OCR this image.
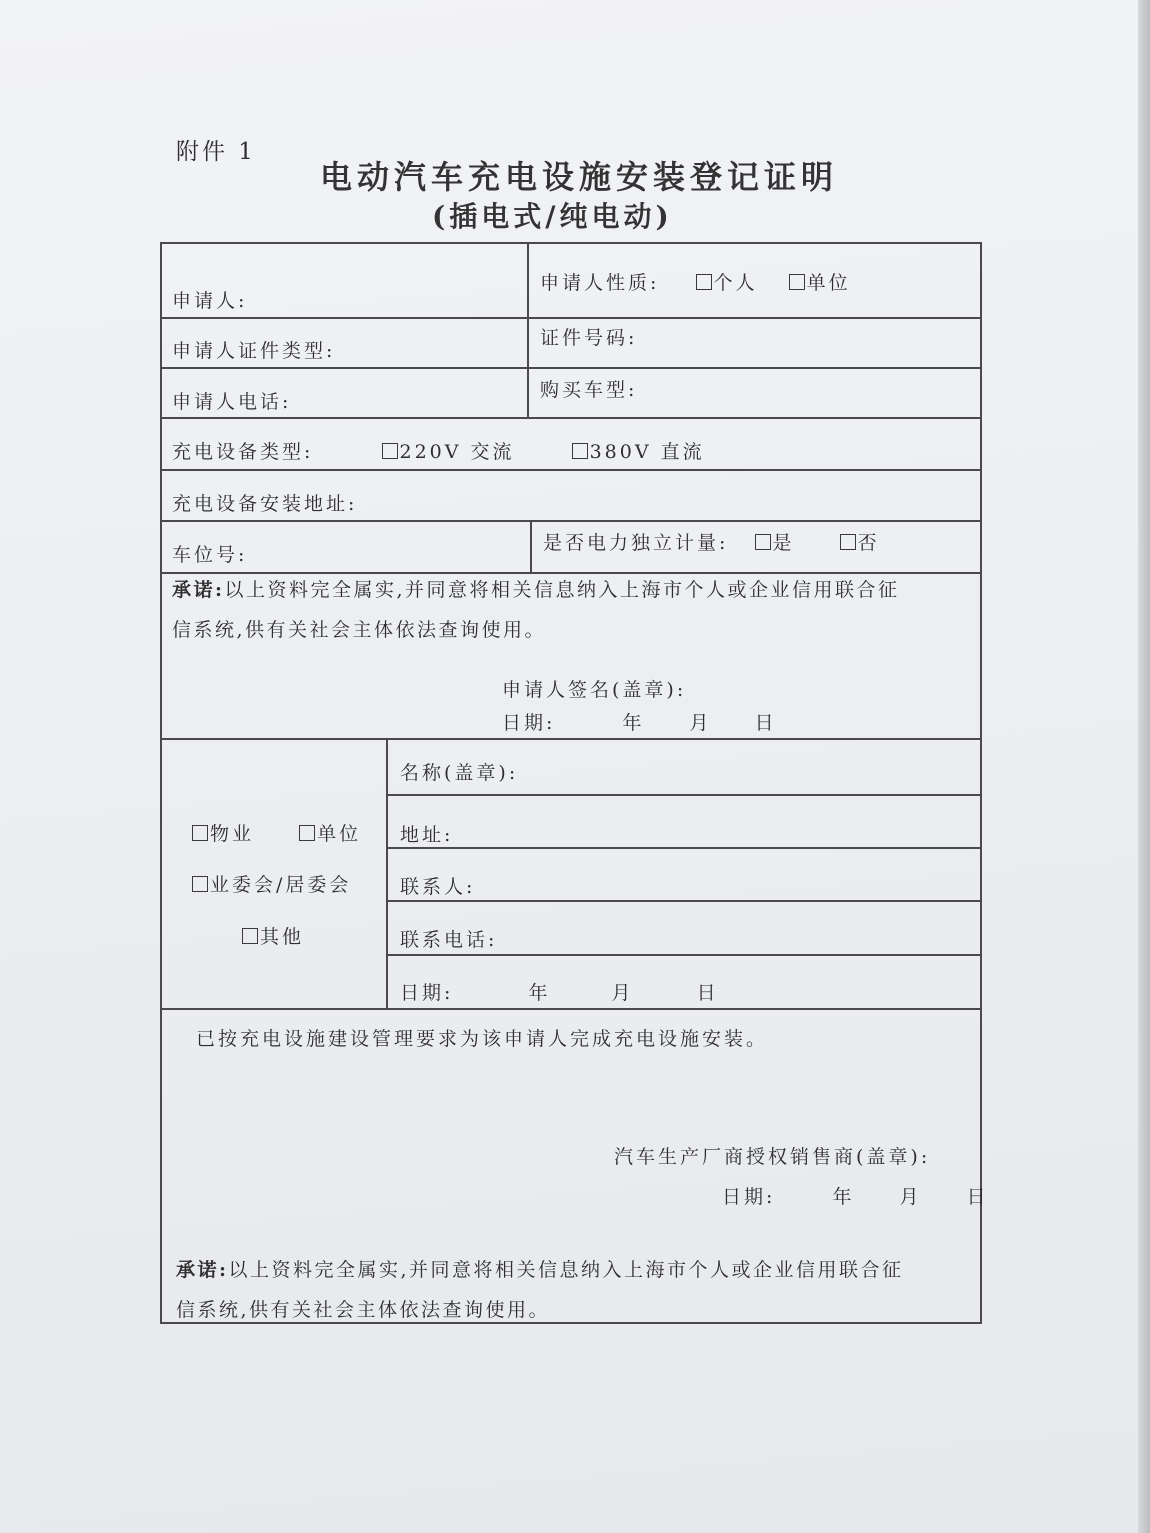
附件 1
电动汽车充电设施安装登记证明
(插电式/纯电动)
申请人:
申请人性质:	个人	单位
申请人证件类型:
证件号码:
申请人电话:
购买车型:
充电设备类型:	220V 交流	380V 直流
充电设备安装地址:
车位号:
是否电力独立计量: 是	否
承诺:以上资料完全属实,并同意将相关信息纳入上海市个人或企业信用联合征
信系统,供有关社会主体依法查询使用。
申请人签名(盖章):
日期:	年 月 日
物业	单位
业委会/居委会
其他
名称(盖章):
地址:
联系人:
联系电话:
日期:	年	月	日
已按充电设施建设管理要求为该申请人完成充电设施安装。
汽车生产厂商授权销售商(盖章):
日期:	年 月 日
承诺:以上资料完全属实,并同意将相关信息纳入上海市个人或企业信用联合征
信系统,供有关社会主体依法查询使用。
